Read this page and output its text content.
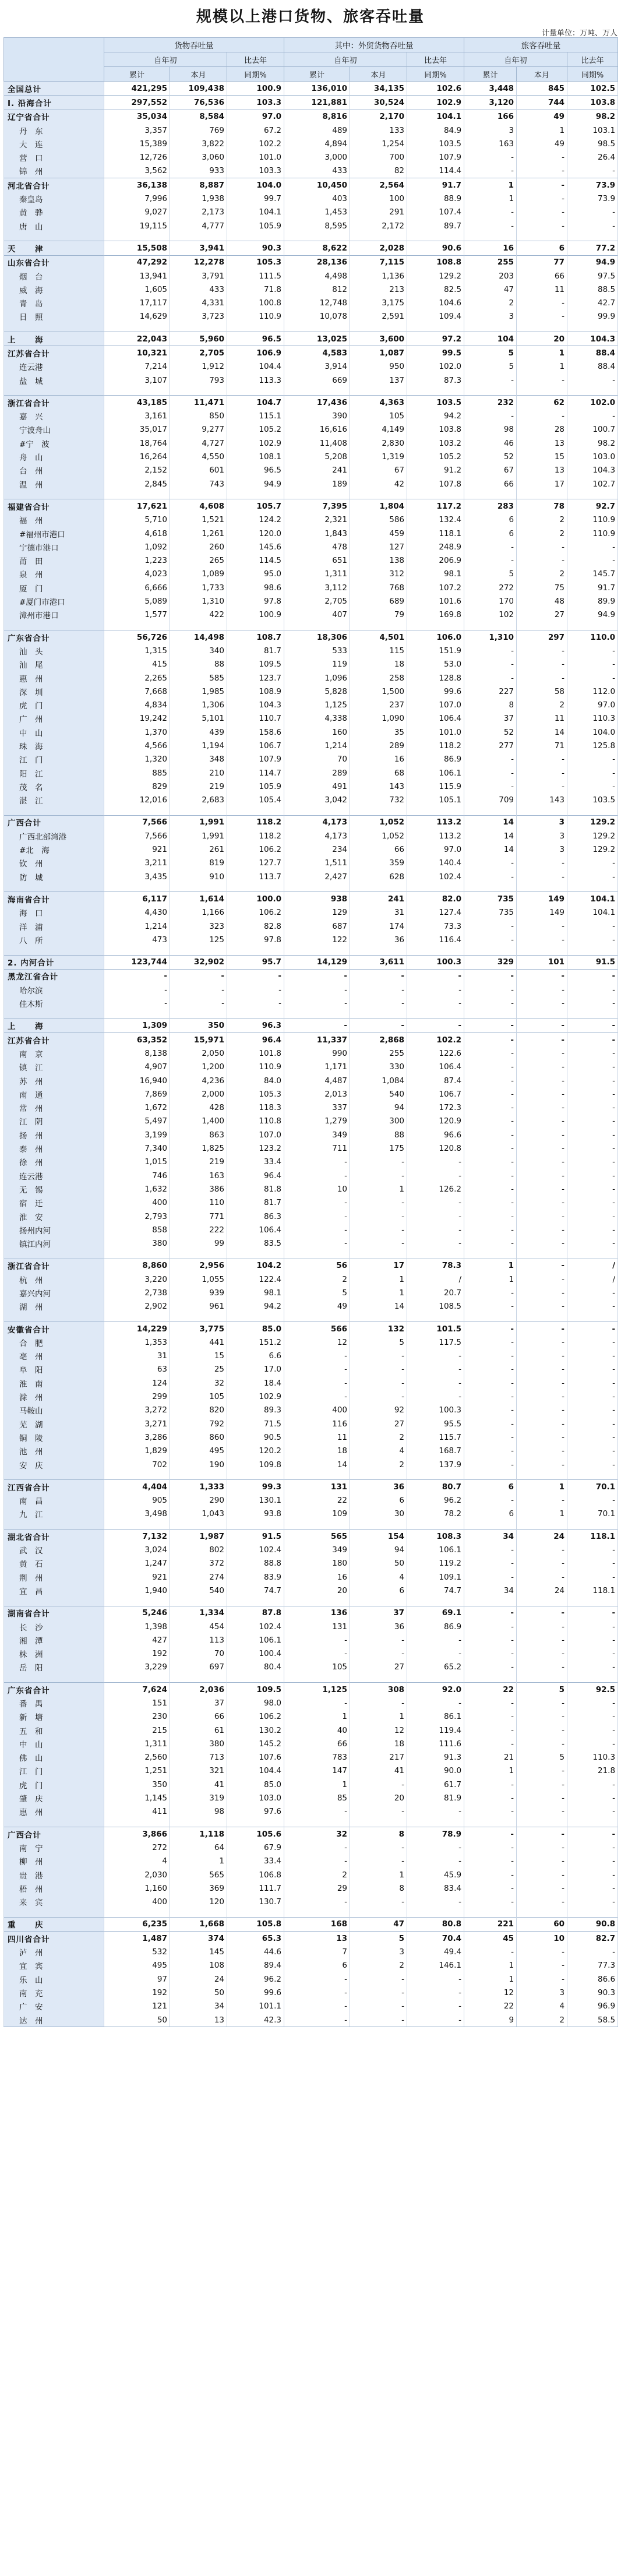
规模以上港口货物、旅客吞吐量
计量单位：万吨、万人
	货物吞吐量			其中：外贸货物吞吐量			旅客吞吐量		
	自年初		比去年	自年初		比去年	自年初		比去年
	累计	本月	同期%	累计	本月	同期%	累计	本月	同期%
全国总计	421,295	109,438	100.9	136,010	34,135	102.6	3,448	845	102.5
I. 沿海合计	297,552	76,536	103.3	121,881	30,524	102.9	3,120	744	103.8
辽宁省合计	35,034	8,584	97.0	8,816	2,170	104.1	166	49	98.2
丹　东	3,357	769	67.2	489	133	84.9	3	1	103.1
大　连	15,389	3,822	102.2	4,894	1,254	103.5	163	49	98.5
营　口	12,726	3,060	101.0	3,000	700	107.9	-	-	26.4
锦　州	3,562	933	103.3	433	82	114.4	-	-	-
河北省合计	36,138	8,887	104.0	10,450	2,564	91.7	1	-	73.9
秦皇岛	7,996	1,938	99.7	403	100	88.9	1	-	73.9
黄　骅	9,027	2,173	104.1	1,453	291	107.4	-	-	-
唐　山	19,115	4,777	105.9	8,595	2,172	89.7	-	-	-

天　津	15,508	3,941	90.3	8,622	2,028	90.6	16	6	77.2
山东省合计	47,292	12,278	105.3	28,136	7,115	108.8	255	77	94.9
烟　台	13,941	3,791	111.5	4,498	1,136	129.2	203	66	97.5
威　海	1,605	433	71.8	812	213	82.5	47	11	88.5
青　岛	17,117	4,331	100.8	12,748	3,175	104.6	2	-	42.7
日　照	14,629	3,723	110.9	10,078	2,591	109.4	3	-	99.9

上　海	22,043	5,960	96.5	13,025	3,600	97.2	104	20	104.3
江苏省合计	10,321	2,705	106.9	4,583	1,087	99.5	5	1	88.4
连云港	7,214	1,912	104.4	3,914	950	102.0	5	1	88.4
盐　城	3,107	793	113.3	669	137	87.3	-	-	-

浙江省合计	43,185	11,471	104.7	17,436	4,363	103.5	232	62	102.0
嘉　兴	3,161	850	115.1	390	105	94.2	-	-	-
宁波舟山	35,017	9,277	105.2	16,616	4,149	103.8	98	28	100.7
#宁　波	18,764	4,727	102.9	11,408	2,830	103.2	46	13	98.2
舟　山	16,264	4,550	108.1	5,208	1,319	105.2	52	15	103.0
台　州	2,152	601	96.5	241	67	91.2	67	13	104.3
温　州	2,845	743	94.9	189	42	107.8	66	17	102.7

福建省合计	17,621	4,608	105.7	7,395	1,804	117.2	283	78	92.7
福　州	5,710	1,521	124.2	2,321	586	132.4	6	2	110.9
#福州市港口	4,618	1,261	120.0	1,843	459	118.1	6	2	110.9
宁德市港口	1,092	260	145.6	478	127	248.9	-	-	-
莆　田	1,223	265	114.5	651	138	206.9	-	-	-
泉　州	4,023	1,089	95.0	1,311	312	98.1	5	2	145.7
厦　门	6,666	1,733	98.6	3,112	768	107.2	272	75	91.7
#厦门市港口	5,089	1,310	97.8	2,705	689	101.6	170	48	89.9
漳州市港口	1,577	422	100.9	407	79	169.8	102	27	94.9

广东省合计	56,726	14,498	108.7	18,306	4,501	106.0	1,310	297	110.0
汕　头	1,315	340	81.7	533	115	151.9	-	-	-
汕　尾	415	88	109.5	119	18	53.0	-	-	-
惠　州	2,265	585	123.7	1,096	258	128.8	-	-	-
深　圳	7,668	1,985	108.9	5,828	1,500	99.6	227	58	112.0
虎　门	4,834	1,306	104.3	1,125	237	107.0	8	2	97.0
广　州	19,242	5,101	110.7	4,338	1,090	106.4	37	11	110.3
中　山	1,370	439	158.6	160	35	101.0	52	14	104.0
珠　海	4,566	1,194	106.7	1,214	289	118.2	277	71	125.8
江　门	1,320	348	107.9	70	16	86.9	-	-	-
阳　江	885	210	114.7	289	68	106.1	-	-	-
茂　名	829	219	105.9	491	143	115.9	-	-	-
湛　江	12,016	2,683	105.4	3,042	732	105.1	709	143	103.5

广西合计	7,566	1,991	118.2	4,173	1,052	113.2	14	3	129.2
广西北部湾港	7,566	1,991	118.2	4,173	1,052	113.2	14	3	129.2
#北　海	921	261	106.2	234	66	97.0	14	3	129.2
钦　州	3,211	819	127.7	1,511	359	140.4	-	-	-
防　城	3,435	910	113.7	2,427	628	102.4	-	-	-

海南省合计	6,117	1,614	100.0	938	241	82.0	735	149	104.1
海　口	4,430	1,166	106.2	129	31	127.4	735	149	104.1
洋　浦	1,214	323	82.8	687	174	73.3	-	-	-
八　所	473	125	97.8	122	36	116.4	-	-	-

2. 内河合计	123,744	32,902	95.7	14,129	3,611	100.3	329	101	91.5
黑龙江省合计	-	-	-	-	-	-	-	-	-
哈尔滨	-	-	-	-	-	-	-	-	-
佳木斯	-	-	-	-	-	-	-	-	-

上　海	1,309	350	96.3	-	-	-	-	-	-
江苏省合计	63,352	15,971	96.4	11,337	2,868	102.2	-	-	-
南　京	8,138	2,050	101.8	990	255	122.6	-	-	-
镇　江	4,907	1,200	110.9	1,171	330	106.4	-	-	-
苏　州	16,940	4,236	84.0	4,487	1,084	87.4	-	-	-
南　通	7,869	2,000	105.3	2,013	540	106.7	-	-	-
常　州	1,672	428	118.3	337	94	172.3	-	-	-
江　阴	5,497	1,400	110.8	1,279	300	120.9	-	-	-
扬　州	3,199	863	107.0	349	88	96.6	-	-	-
泰　州	7,340	1,825	123.2	711	175	120.8	-	-	-
徐　州	1,015	219	33.4	-	-	-	-	-	-
连云港	746	163	96.4	-	-	-	-	-	-
无　锡	1,632	386	81.8	10	1	126.2	-	-	-
宿　迁	400	110	81.7	-	-	-	-	-	-
淮　安	2,793	771	86.3	-	-	-	-	-	-
扬州内河	858	222	106.4	-	-	-	-	-	-
镇江内河	380	99	83.5	-	-	-	-	-	-

浙江省合计	8,860	2,956	104.2	56	17	78.3	1	-	/
杭　州	3,220	1,055	122.4	2	1	/	1	-	/
嘉兴内河	2,738	939	98.1	5	1	20.7	-	-	-
湖　州	2,902	961	94.2	49	14	108.5	-	-	-

安徽省合计	14,229	3,775	85.0	566	132	101.5	-	-	-
合　肥	1,353	441	151.2	12	5	117.5	-	-	-
亳　州	31	15	6.6	-	-	-	-	-	-
阜　阳	63	25	17.0	-	-	-	-	-	-
淮　南	124	32	18.4	-	-	-	-	-	-
滁　州	299	105	102.9	-	-	-	-	-	-
马鞍山	3,272	820	89.3	400	92	100.3	-	-	-
芜　湖	3,271	792	71.5	116	27	95.5	-	-	-
铜　陵	3,286	860	90.5	11	2	115.7	-	-	-
池　州	1,829	495	120.2	18	4	168.7	-	-	-
安　庆	702	190	109.8	14	2	137.9	-	-	-

江西省合计	4,404	1,333	99.3	131	36	80.7	6	1	70.1
南　昌	905	290	130.1	22	6	96.2	-	-	-
九　江	3,498	1,043	93.8	109	30	78.2	6	1	70.1

湖北省合计	7,132	1,987	91.5	565	154	108.3	34	24	118.1
武　汉	3,024	802	102.4	349	94	106.1	-	-	-
黄　石	1,247	372	88.8	180	50	119.2	-	-	-
荆　州	921	274	83.9	16	4	109.1	-	-	-
宜　昌	1,940	540	74.7	20	6	74.7	34	24	118.1

湖南省合计	5,246	1,334	87.8	136	37	69.1	-	-	-
长　沙	1,398	454	102.4	131	36	86.9	-	-	-
湘　潭	427	113	106.1	-	-	-	-	-	-
株　洲	192	70	100.4	-	-	-	-	-	-
岳　阳	3,229	697	80.4	105	27	65.2	-	-	-

广东省合计	7,624	2,036	109.5	1,125	308	92.0	22	5	92.5
番　禺	151	37	98.0	-	-	-	-	-	-
新　塘	230	66	106.2	1	1	86.1	-	-	-
五　和	215	61	130.2	40	12	119.4	-	-	-
中　山	1,311	380	145.2	66	18	111.6	-	-	-
佛　山	2,560	713	107.6	783	217	91.3	21	5	110.3
江　门	1,251	321	104.4	147	41	90.0	1	-	21.8
虎　门	350	41	85.0	1	-	61.7	-	-	-
肇　庆	1,145	319	103.0	85	20	81.9	-	-	-
惠　州	411	98	97.6	-	-	-	-	-	-

广西合计	3,866	1,118	105.6	32	8	78.9	-	-	-
南　宁	272	64	67.9	-	-	-	-	-	-
柳　州	4	1	33.4	-	-	-	-	-	-
贵　港	2,030	565	106.8	2	1	45.9	-	-	-
梧　州	1,160	369	111.7	29	8	83.4	-	-	-
来　宾	400	120	130.7	-	-	-	-	-	-

重　庆	6,235	1,668	105.8	168	47	80.8	221	60	90.8
四川省合计	1,487	374	65.3	13	5	70.4	45	10	82.7
泸　州	532	145	44.6	7	3	49.4	-	-	-
宜　宾	495	108	89.4	6	2	146.1	1	-	77.3
乐　山	97	24	96.2	-	-	-	1	-	86.6
南　充	192	50	99.6	-	-	-	12	3	90.3
广　安	121	34	101.1	-	-	-	22	4	96.9
达　州	50	13	42.3	-	-	-	9	2	58.5
